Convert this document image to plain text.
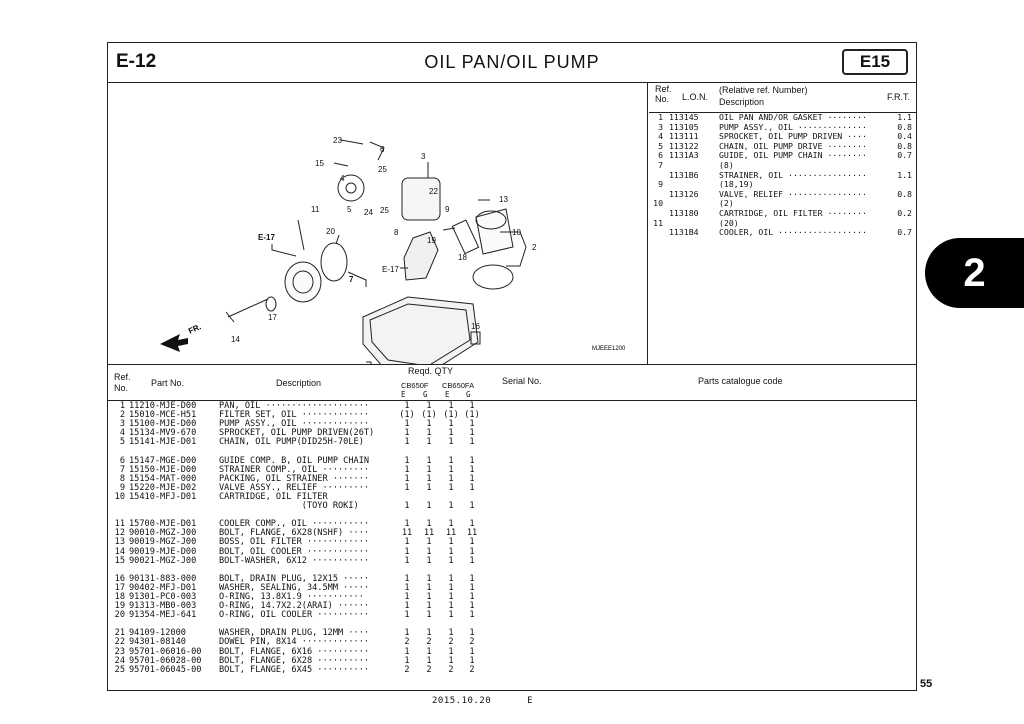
E-12	OIL PAN/OIL PUMP	E15
FR.
23
6
3
15
25
4
22
13
11	5 24 25	9
20	8
19
10
2
E-17
18
7
E-17
17
14
16
MJEEE1200
Ref. No.	L.O.N.
(Relative ref. Number) Description	F.R.T.
1 113145 OIL PAN AND/OR GASKET ········	1.1
3 113105 PUMP ASSY., OIL ··············	0.8
4 113111 SPROCKET, OIL PUMP DRIVEN ····	0.4
5 113122 CHAIN, OIL PUMP DRIVE ········	0.8
6 1131A3 GUIDE, OIL PUMP CHAIN ········	0.7
7	(8)
1131B6 STRAINER, OIL ················	1.1
9	(18,19)
113126 VALVE, RELIEF ················	0.8
10	(2)
113180 CARTRIDGE, OIL FILTER ········	0.2
11	(20)
1131B4 COOLER, OIL ··················	0.7
Ref. No.	Part No.	Description
Reqd. QTY
CB650F CB650FA
E G E G
Serial No.	Parts catalogue code
1 11210-MJE-D00	PAN, OIL ····················	1	1	1	1
2 15010-MCE-H51	FILTER SET, OIL ·············	(1) (1) (1) (1)
3 15100-MJE-D00	PUMP ASSY., OIL ·············	1	1	1	1
4 15134-MV9-670	SPROCKET, OIL PUMP DRIVEN(26T)	1	1	1	1
5 15141-MJE-D01	CHAIN, OIL PUMP(DID25H-70LE)	1	1	1	1
6 15147-MGE-D00	GUIDE COMP. B, OIL PUMP CHAIN	1	1	1	1
7 15150-MJE-D00	STRAINER COMP., OIL ·········	1	1	1	1
8 15154-MAT-000	PACKING, OIL STRAINER ·······	1	1	1	1
9 15220-MJE-D02	VALVE ASSY., RELIEF ·········	1	1	1	1
10 15410-MFJ-D01	CARTRIDGE, OIL FILTER
(TOYO ROKI)	1	1	1	1
11 15700-MJE-D01	COOLER COMP., OIL ···········	1	1	1	1
12 90010-MGZ-J00	BOLT, FLANGE, 6X28(NSHF) ····	11	11	11	11
13 90019-MGZ-J00	BOSS, OIL FILTER ············	1	1	1	1
14 90019-MJE-D00	BOLT, OIL COOLER ············	1	1	1	1
15 90021-MGZ-J00	BOLT-WASHER, 6X12 ···········	1	1	1	1
16 90131-883-000	BOLT, DRAIN PLUG, 12X15 ·····	1	1	1	1
17 90402-MFJ-D01	WASHER, SEALING, 34.5MM ·····	1	1	1	1
18 91301-PC0-003	O-RING, 13.8X1.9 ···········	1	1	1	1
19 91313-MB0-003	O-RING, 14.7X2.2(ARAI) ······	1	1	1	1
20 91354-MEJ-641	O-RING, OIL COOLER ··········	1	1	1	1
21 94109-12000	WASHER, DRAIN PLUG, 12MM ····	1	1	1	1
22 94301-08140	DOWEL PIN, 8X14 ·············	2	2	2	2
23 95701-06016-00 BOLT, FLANGE, 6X16 ··········	1	1	1	1
24 95701-06028-00 BOLT, FLANGE, 6X28 ··········	1	1	1	1
25 95701-06045-00 BOLT, FLANGE, 6X45 ··········	2	2	2	2
2
55
2015.10.20	E
